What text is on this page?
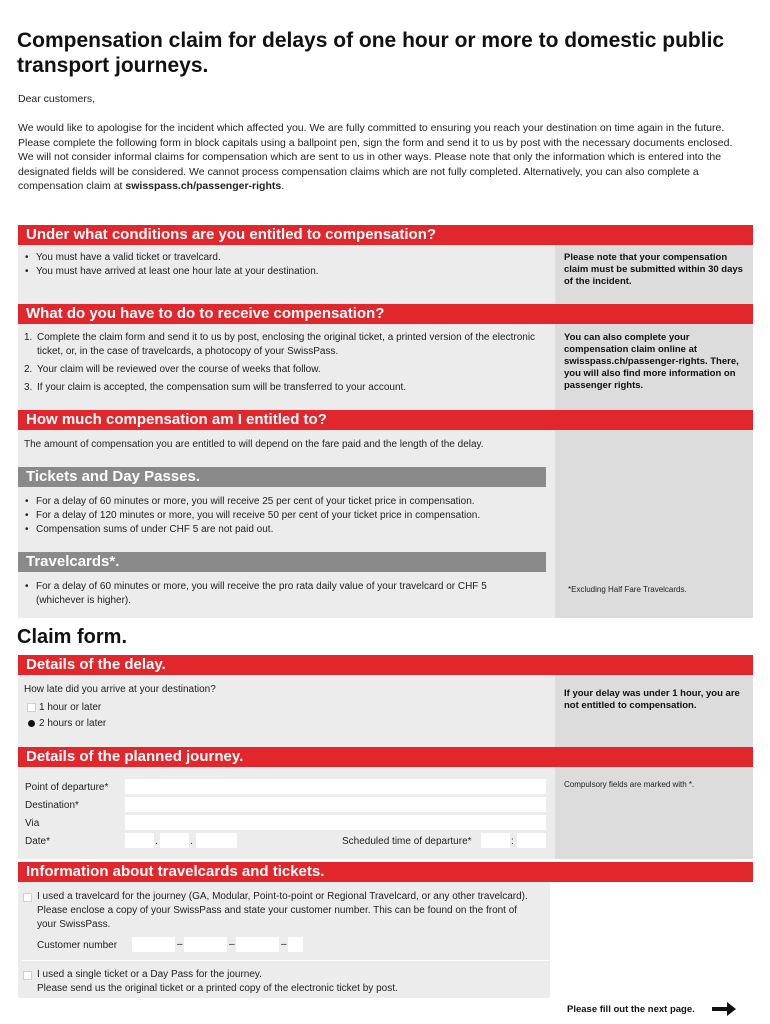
Compensation claim for delays of one hour or more to domestic public transport journeys.
Dear customers,
We would like to apologise for the incident which affected you. We are fully committed to ensuring you reach your destination on time again in the future. Please complete the following form in block capitals using a ballpoint pen, sign the form and send it to us by post with the necessary documents enclosed. We will not consider informal claims for compensation which are sent to us in other ways. Please note that only the information which is entered into the designated fields will be considered. We cannot process compensation claims which are not fully completed. Alternatively, you can also complete a compensation claim at swisspass.ch/passenger-rights.
Under what conditions are you entitled to compensation?
• You must have a valid ticket or travelcard.
• You must have arrived at least one hour late at your destination.
Please note that your compensation claim must be submitted within 30 days of the incident.
What do you have to do to receive compensation?
1. Complete the claim form and send it to us by post, enclosing the original ticket, a printed version of the electronic ticket, or, in the case of travelcards, a photocopy of your SwissPass.
2. Your claim will be reviewed over the course of weeks that follow.
3. If your claim is accepted, the compensation sum will be transferred to your account.
You can also complete your compensation claim online at swisspass.ch/passenger-rights. There, you will also find more information on passenger rights.
How much compensation am I entitled to?
The amount of compensation you are entitled to will depend on the fare paid and the length of the delay.
Tickets and Day Passes.
• For a delay of 60 minutes or more, you will receive 25 per cent of your ticket price in compensation.
• For a delay of 120 minutes or more, you will receive 50 per cent of your ticket price in compensation.
• Compensation sums of under CHF 5 are not paid out.
Travelcards*.
• For a delay of 60 minutes or more, you will receive the pro rata daily value of your travelcard or CHF 5 (whichever is higher).
*Excluding Half Fare Travelcards.
Claim form.
Details of the delay.
How late did you arrive at your destination?
1 hour or later
2 hours or later
If your delay was under 1 hour, you are not entitled to compensation.
Details of the planned journey.
Point of departure*
Destination*
Via
Date*	.	.	Scheduled time of departure*	:
Compulsory fields are marked with *.
Information about travelcards and tickets.
I used a travelcard for the journey (GA, Modular, Point-to-point or Regional Travelcard, or any other travelcard). Please enclose a copy of your SwissPass and state your customer number. This can be found on the front of your SwissPass.
Customer number	–	–	–
I used a single ticket or a Day Pass for the journey.
Please send us the original ticket or a printed copy of the electronic ticket by post.
Please fill out the next page.
